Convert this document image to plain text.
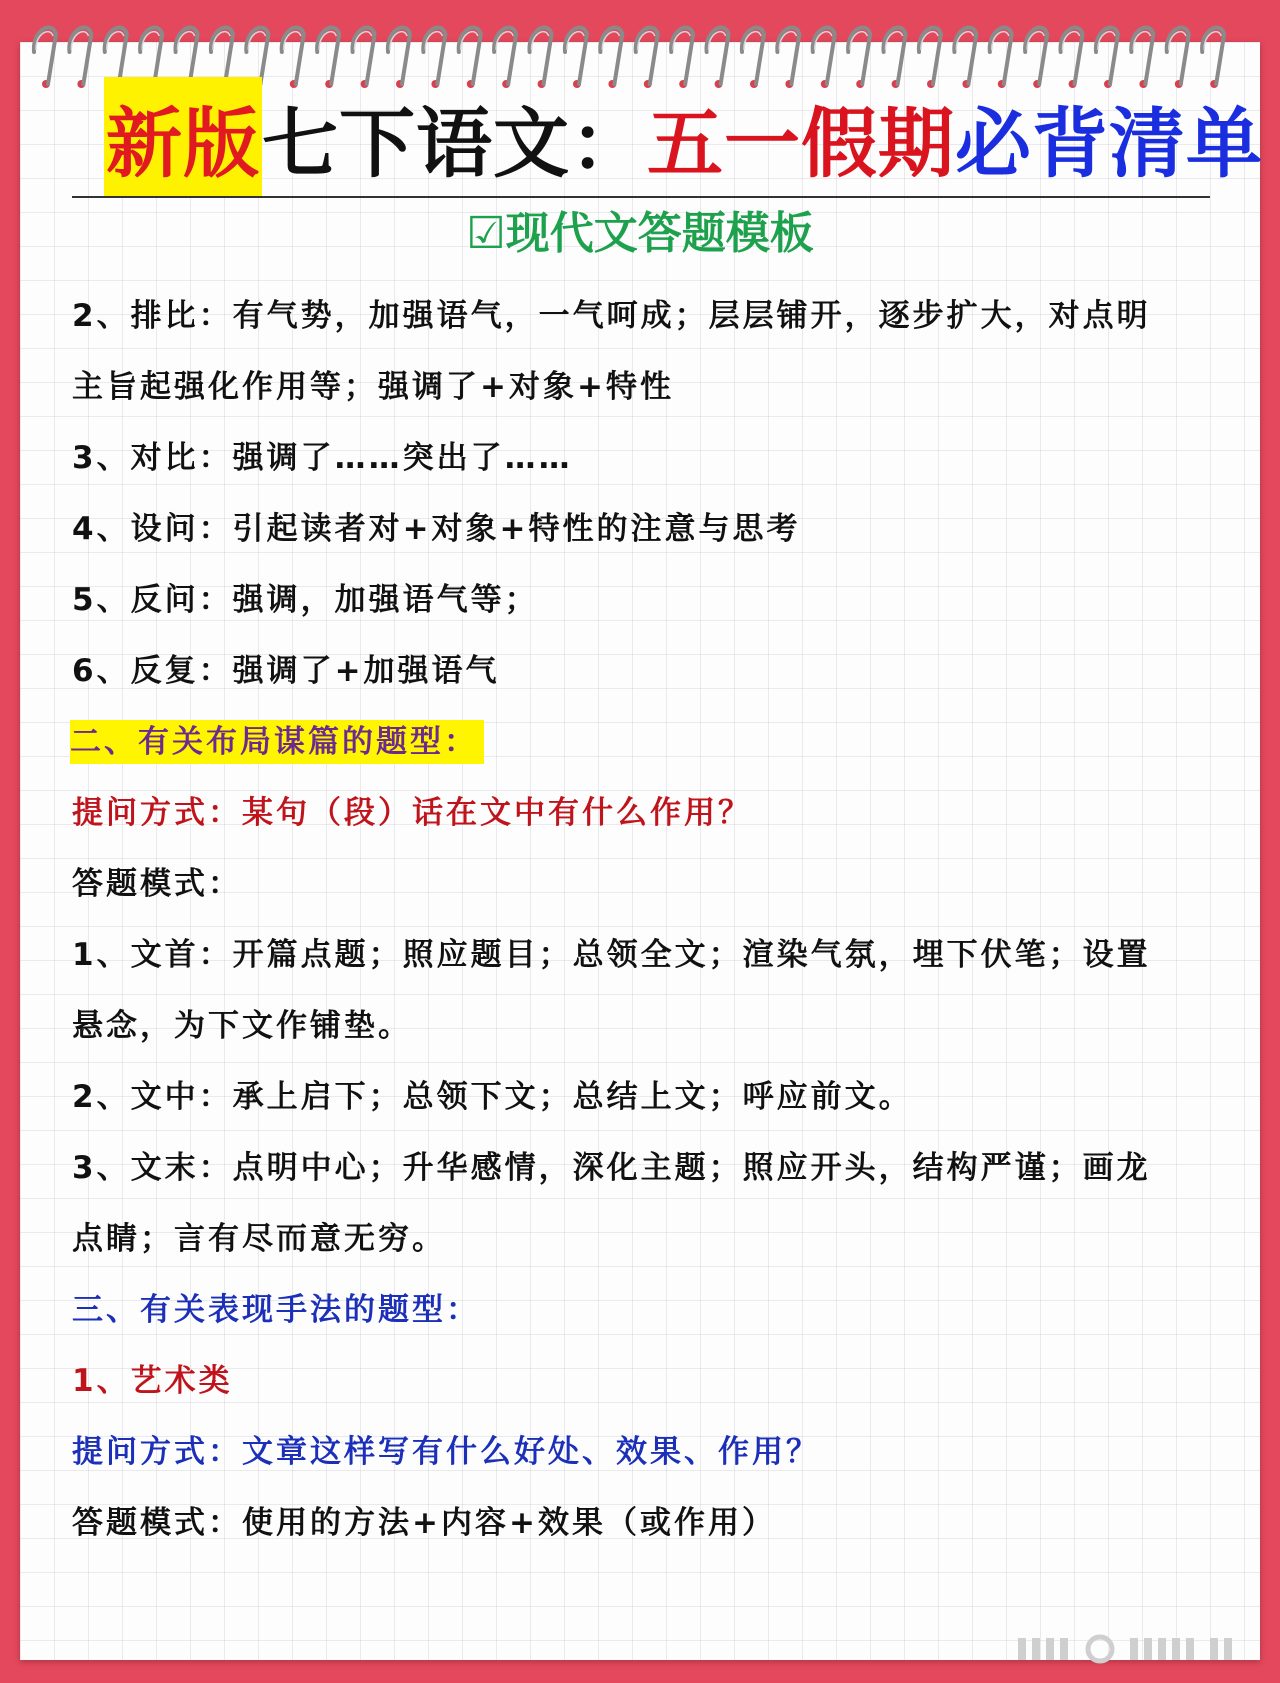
新版 七下语文： 五一假期 必背清单
☑现代文答题模板
2、排比：有气势，加强语气，一气呵成；层层铺开，逐步扩大，对点明
主旨起强化作用等；强调了+对象+特性
3、对比：强调了……突出了……
4、设问：引起读者对+对象+特性的注意与思考
5、反问：强调，加强语气等；
6、反复：强调了+加强语气
二、有关布局谋篇的题型：
提问方式：某句（段）话在文中有什么作用？
答题模式：
1、文首：开篇点题；照应题目；总领全文；渲染气氛，埋下伏笔；设置
悬念，为下文作铺垫。
2、文中：承上启下；总领下文；总结上文；呼应前文。
3、文末：点明中心；升华感情，深化主题；照应开头，结构严谨；画龙
点睛；言有尽而意无穷。
三、有关表现手法的题型：
1、艺术类
提问方式：文章这样写有什么好处、效果、作用？
答题模式：使用的方法+内容+效果（或作用）
